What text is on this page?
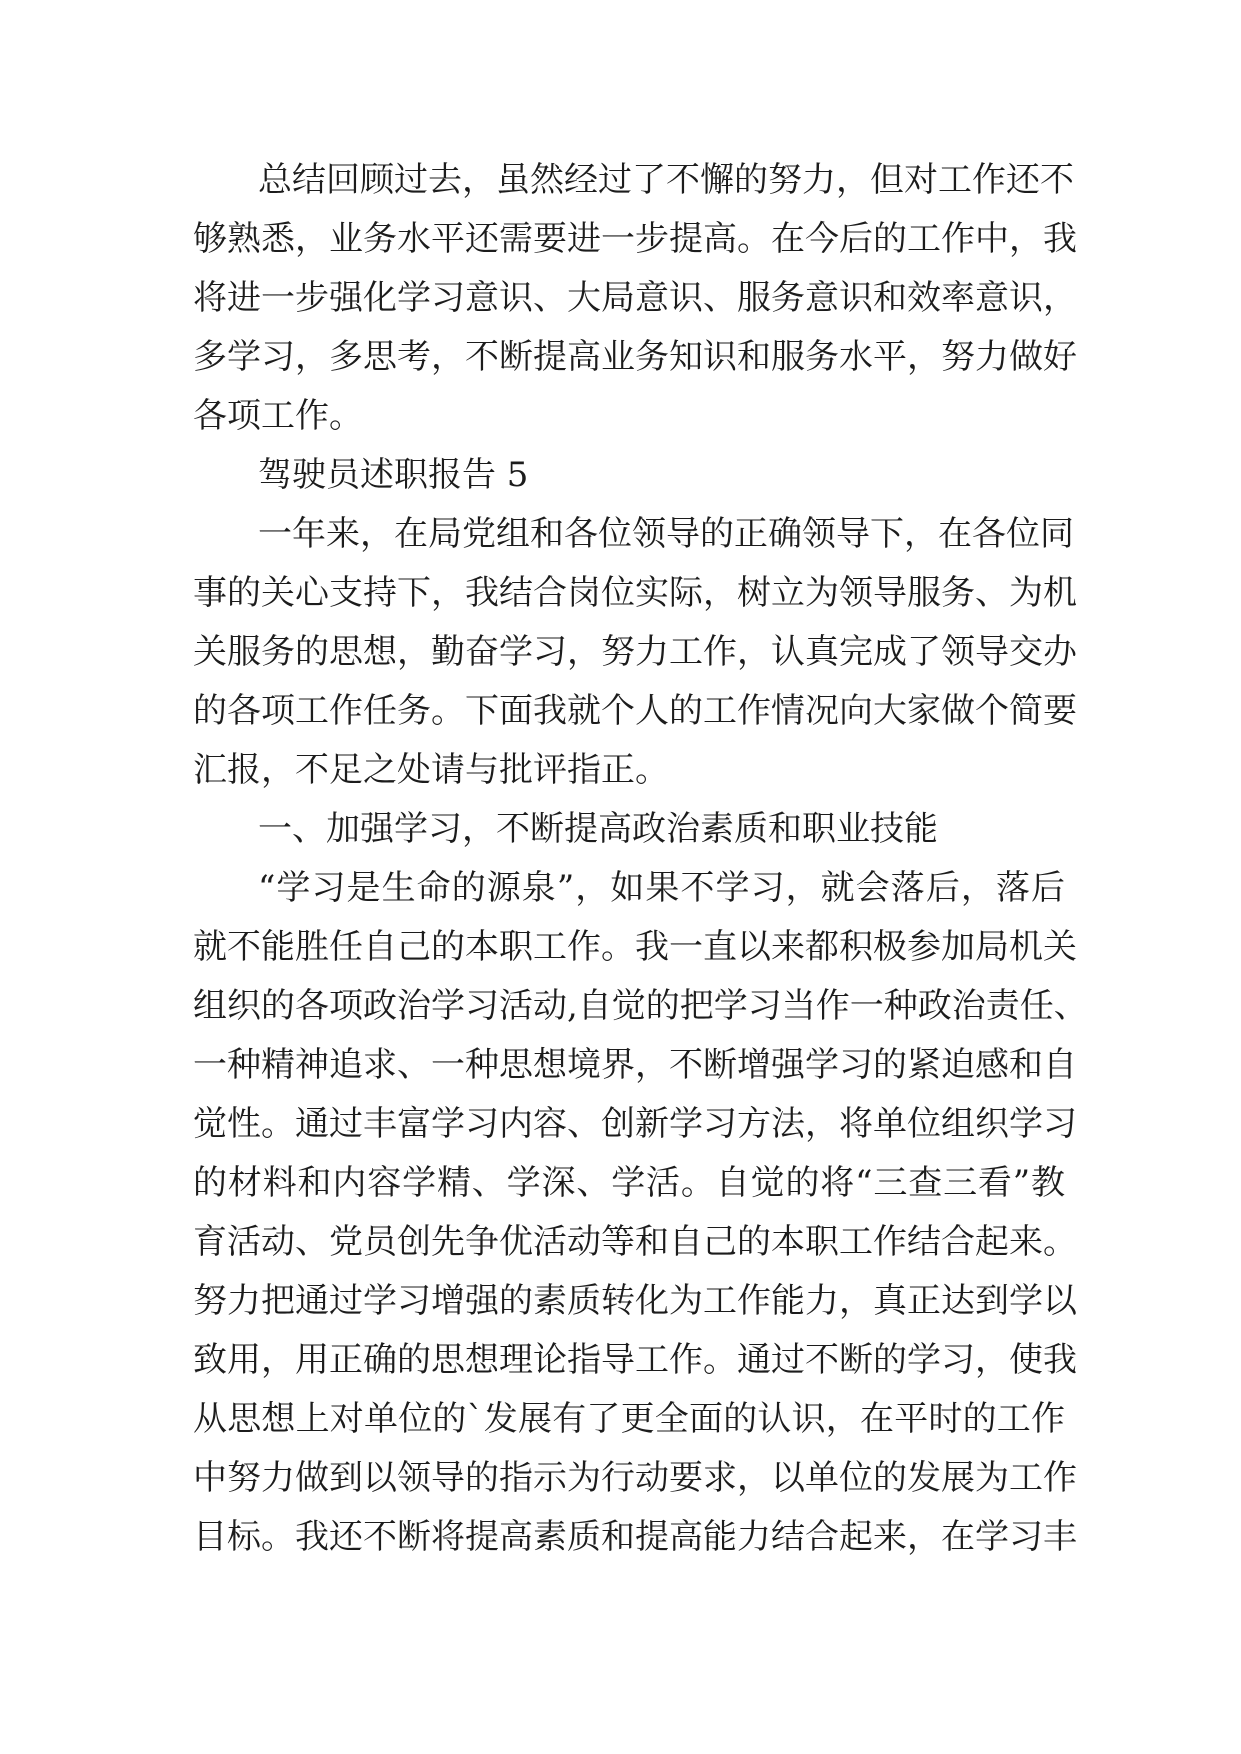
总结回顾过去，虽然经过了不懈的努力，但对工作还不

够熟悉，业务水平还需要进一步提高。在今后的工作中，我

将进一步强化学习意识、大局意识、服务意识和效率意识，

多学习，多思考，不断提高业务知识和服务水平，努力做好

各项工作。

驾驶员述职报告 5

一年来，在局党组和各位领导的正确领导下，在各位同

事的关心支持下，我结合岗位实际，树立为领导服务、为机

关服务的思想，勤奋学习，努力工作，认真完成了领导交办

的各项工作任务。下面我就个人的工作情况向大家做个简要

汇报，不足之处请与批评指正。

一、加强学习，不断提高政治素质和职业技能

“学习是生命的源泉”，如果不学习，就会落后，落后

就不能胜任自己的本职工作。我一直以来都积极参加局机关

组织的各项政治学习活动,自觉的把学习当作一种政治责任、

一种精神追求、一种思想境界，不断增强学习的紧迫感和自

觉性。通过丰富学习内容、创新学习方法，将单位组织学习

的材料和内容学精、学深、学活。自觉的将“三查三看”教

育活动、党员创先争优活动等和自己的本职工作结合起来。

努力把通过学习增强的素质转化为工作能力，真正达到学以

致用，用正确的思想理论指导工作。通过不断的学习，使我

从思想上对单位的`发展有了更全面的认识，在平时的工作

中努力做到以领导的指示为行动要求，以单位的发展为工作

目标。我还不断将提高素质和提高能力结合起来，在学习丰
